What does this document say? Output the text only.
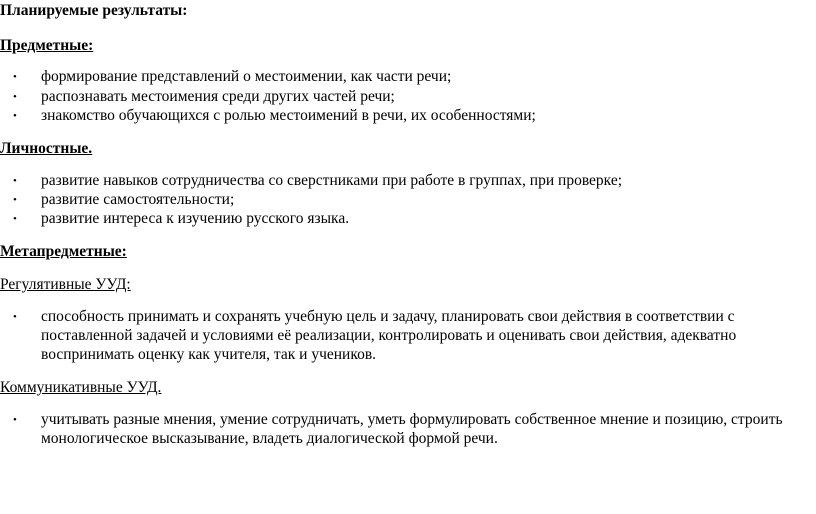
Планируемые результаты:
Предметные:
•	формирование представлений о местоимении, как части речи;
•	распознавать местоимения среди других частей речи;
•	знакомство обучающихся с ролью местоимений в речи, их особенностями;
Личностные.
•	развитие навыков сотрудничества со сверстниками при работе в группах, при проверке;
•	развитие самостоятельности;
•	развитие интереса к изучению русского языка.
Метапредметные:
Регулятивные УУД:
•	способность принимать и сохранять учебную цель и задачу, планировать свои действия в соответствии с
поставленной задачей и условиями её реализации, контролировать и оценивать свои действия, адекватно
воспринимать оценку как учителя, так и учеников.
Коммуникативные УУД.
•	учитывать разные мнения, умение сотрудничать, уметь формулировать собственное мнение и позицию, строить
монологическое высказывание, владеть диалогической формой речи.
